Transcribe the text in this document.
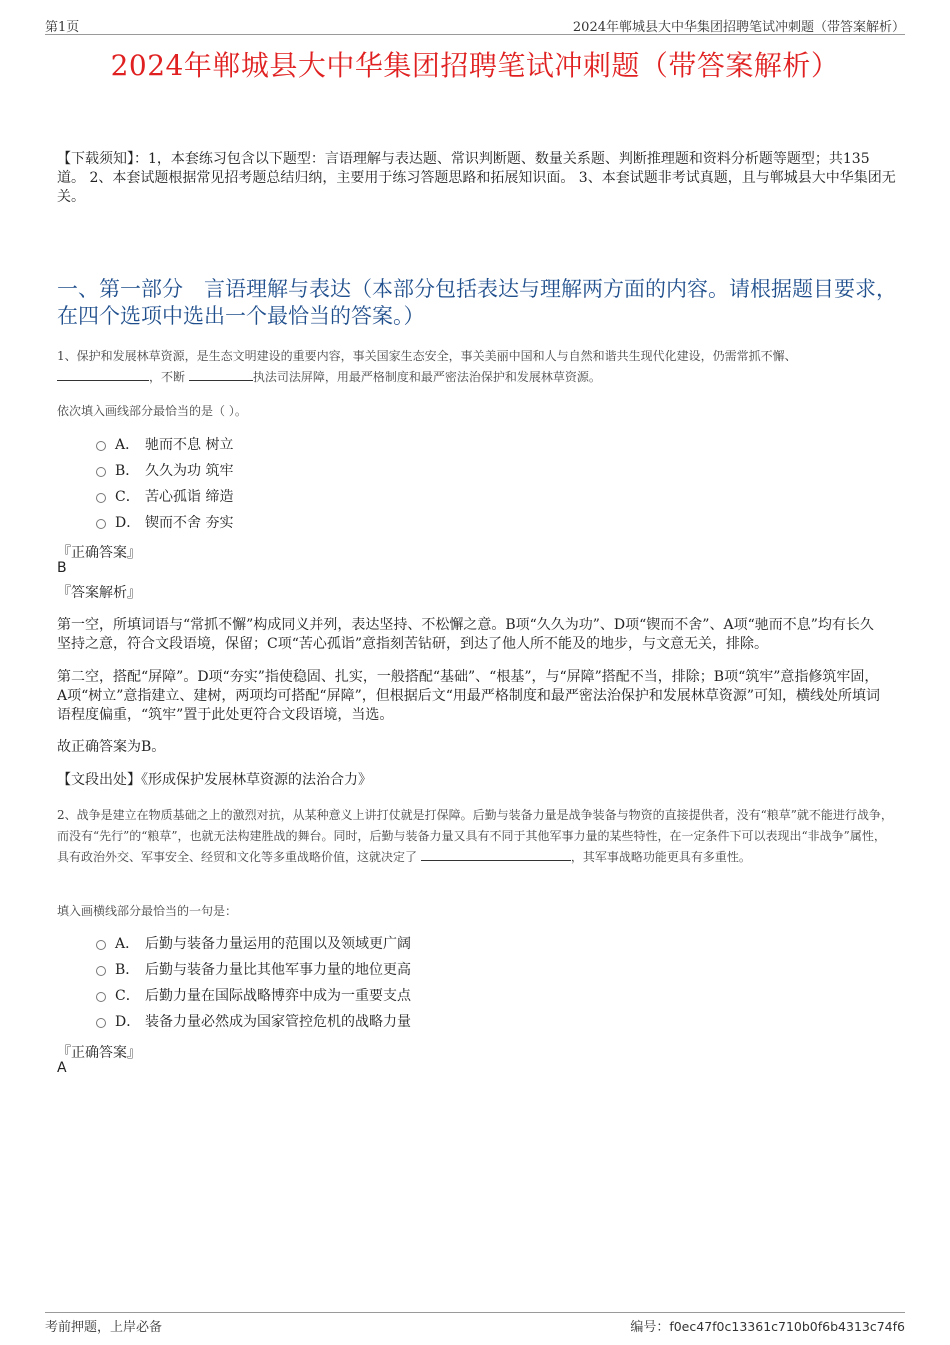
第1页	2024年郸城县大中华集团招聘笔试冲刺题（带答案解析）
2024年郸城县大中华集团招聘笔试冲刺题（带答案解析）
【下载须知】：1，本套练习包含以下题型：言语理解与表达题、常识判断题、数量关系题、判断推理题和资料分析题等题型；共135道。 2、本套试题根据常见招考题总结归纳，主要用于练习答题思路和拓展知识面。 3、本套试题非考试真题，且与郸城县大中华集团无关。
一、第一部分　言语理解与表达（本部分包括表达与理解两方面的内容。请根据题目要求，在四个选项中选出一个最恰当的答案。）
1、保护和发展林草资源，是生态文明建设的重要内容，事关国家生态安全，事关美丽中国和人与自然和谐共生现代化建设，仍需常抓不懈、
，不断	执法司法屏障，用最严格制度和最严密法治保护和发展林草资源。
依次填入画线部分最恰当的是（ ）。
A． 驰而不息 树立
B． 久久为功 筑牢
C． 苦心孤诣 缔造
D． 锲而不舍 夯实
『正确答案』
B
『答案解析』
第一空，所填词语与“常抓不懈”构成同义并列，表达坚持、不松懈之意。B项“久久为功”、D项“锲而不舍”、A项“驰而不息”均有长久坚持之意，符合文段语境，保留；C项“苦心孤诣”意指刻苦钻研，到达了他人所不能及的地步，与文意无关，排除。
第二空，搭配“屏障”。D项“夯实”指使稳固、扎实，一般搭配“基础”、“根基”，与“屏障”搭配不当，排除；B项“筑牢”意指修筑牢固，A项“树立”意指建立、建树，两项均可搭配“屏障”，但根据后文“用最严格制度和最严密法治保护和发展林草资源”可知，横线处所填词语程度偏重，“筑牢”置于此处更符合文段语境，当选。
故正确答案为B。
【文段出处】《形成保护发展林草资源的法治合力》
2、战争是建立在物质基础之上的激烈对抗，从某种意义上讲打仗就是打保障。后勤与装备力量是战争装备与物资的直接提供者，没有“粮草”就不能进行战争，而没有“先行”的“粮草”，也就无法构建胜战的舞台。同时，后勤与装备力量又具有不同于其他军事力量的某些特性，在一定条件下可以表现出“非战争”属性，具有政治外交、军事安全、经贸和文化等多重战略价值，这就决定了	，其军事战略功能更具有多重性。
填入画横线部分最恰当的一句是：
A． 后勤与装备力量运用的范围以及领域更广阔
B． 后勤与装备力量比其他军事力量的地位更高
C． 后勤力量在国际战略博弈中成为一重要支点
D． 装备力量必然成为国家管控危机的战略力量
『正确答案』
A
考前押题，上岸必备	编号：f0ec47f0c13361c710b0f6b4313c74f6
